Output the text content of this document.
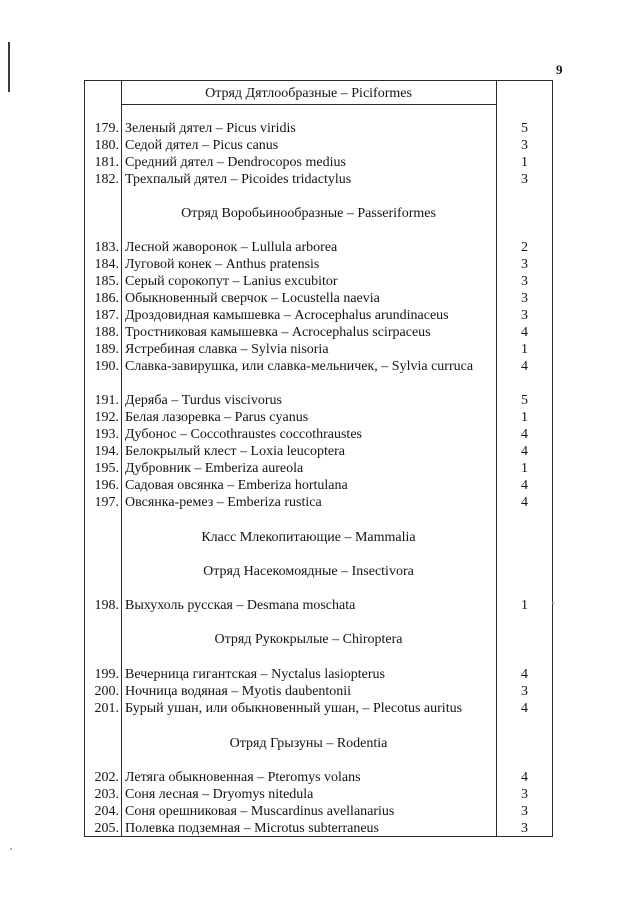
9
Отряд Дятлообразные – Piciformes
179. Зеленый дятел – Picus viridis	5
180. Седой дятел – Picus canus	3
181. Средний дятел – Dendrocopos medius	1
182. Трехпалый дятел – Picoides tridactylus	3
Отряд Воробьинообразные – Passeriformes
183. Лесной жаворонок – Lullula arborea	2
184. Луговой конек – Anthus pratensis	3
185. Серый сорокопут – Lanius excubitor	3
186. Обыкновенный сверчок – Locustella naevia	3
187. Дроздовидная камышевка – Acrocephalus arundinaceus	3
188. Тростниковая камышевка – Acrocephalus scirpaceus	4
189. Ястребиная славка – Sylvia nisoria	1
190. Славка-завирушка, или славка-мельничек, – Sylvia curruca	4
191. Деряба – Turdus viscivorus	5
192. Белая лазоревка – Parus cyanus	1
193. Дубонос – Coccothraustes coccothraustes	4
194. Белокрылый клест – Loxia leucoptera	4
195. Дубровник – Emberiza aureola	1
196. Садовая овсянка – Emberiza hortulana	4
197. Овсянка-ремез – Emberiza rustica	4
Класс Млекопитающие – Mammalia
Отряд Насекомоядные – Insectivora
198. Выхухоль русская – Desmana moschata	1
Отряд Рукокрылые – Chiroptera
199. Вечерница гигантская – Nyctalus lasiopterus	4
200. Ночница водяная – Myotis daubentonii	3
201. Бурый ушан, или обыкновенный ушан, – Plecotus auritus	4
Отряд Грызуны – Rodentia
202. Летяга обыкновенная – Pteromys volans	4
203. Соня лесная – Dryomys nitedula	3
204. Соня орешниковая – Muscardinus avellanarius	3
205. Полевка подземная – Microtus subterraneus	3
